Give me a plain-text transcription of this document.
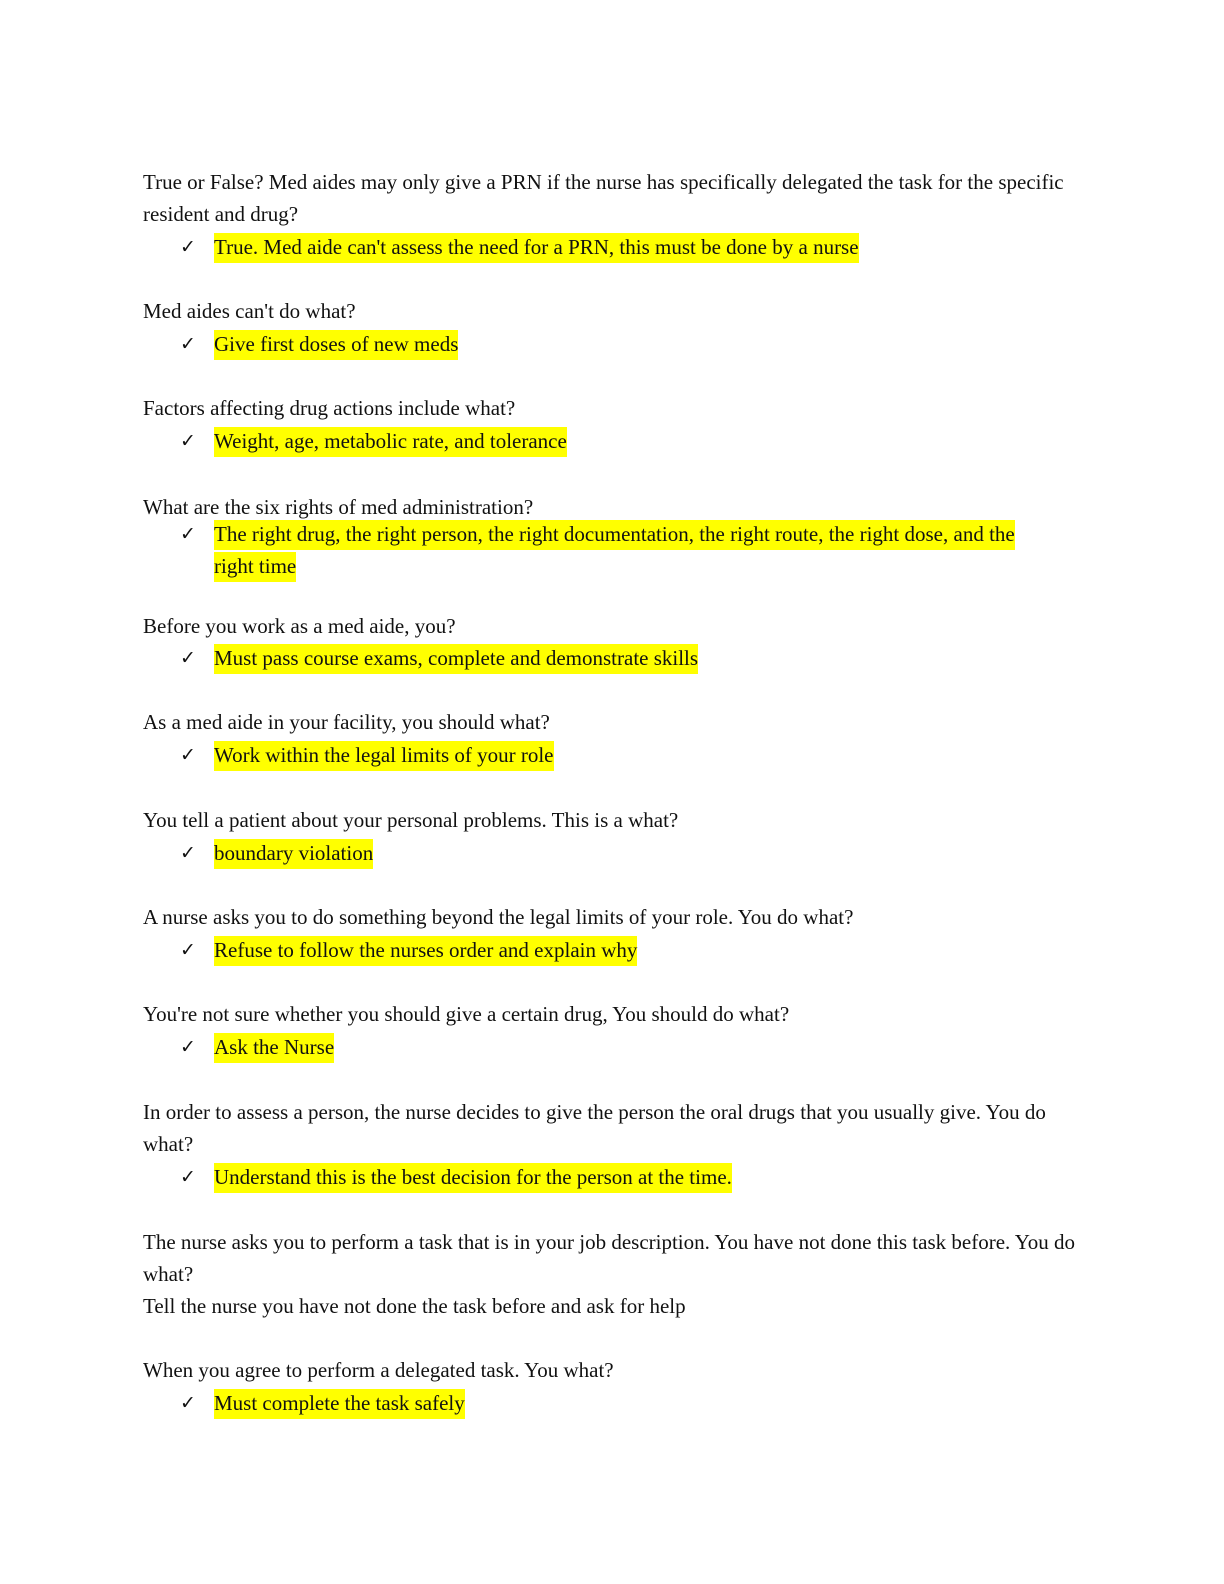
True or False? Med aides may only give a PRN if the nurse has specifically delegated the task for the specific resident and drug?

✓ True. Med aide can't assess the need for a PRN, this must be done by a nurse

Med aides can't do what?

✓ Give first doses of new meds

Factors affecting drug actions include what?

✓ Weight, age, metabolic rate, and tolerance

What are the six rights of med administration?

✓ The right drug, the right person, the right documentation, the right route, the right dose, and the right time

Before you work as a med aide, you?

✓ Must pass course exams, complete and demonstrate skills

As a med aide in your facility, you should what?

✓ Work within the legal limits of your role

You tell a patient about your personal problems. This is a what?

✓ boundary violation

A nurse asks you to do something beyond the legal limits of your role. You do what?

✓ Refuse to follow the nurses order and explain why

You're not sure whether you should give a certain drug, You should do what?

✓ Ask the Nurse

In order to assess a person, the nurse decides to give the person the oral drugs that you usually give. You do what?

✓ Understand this is the best decision for the person at the time.

The nurse asks you to perform a task that is in your job description. You have not done this task before. You do what?

Tell the nurse you have not done the task before and ask for help

When you agree to perform a delegated task. You what?

✓ Must complete the task safely
